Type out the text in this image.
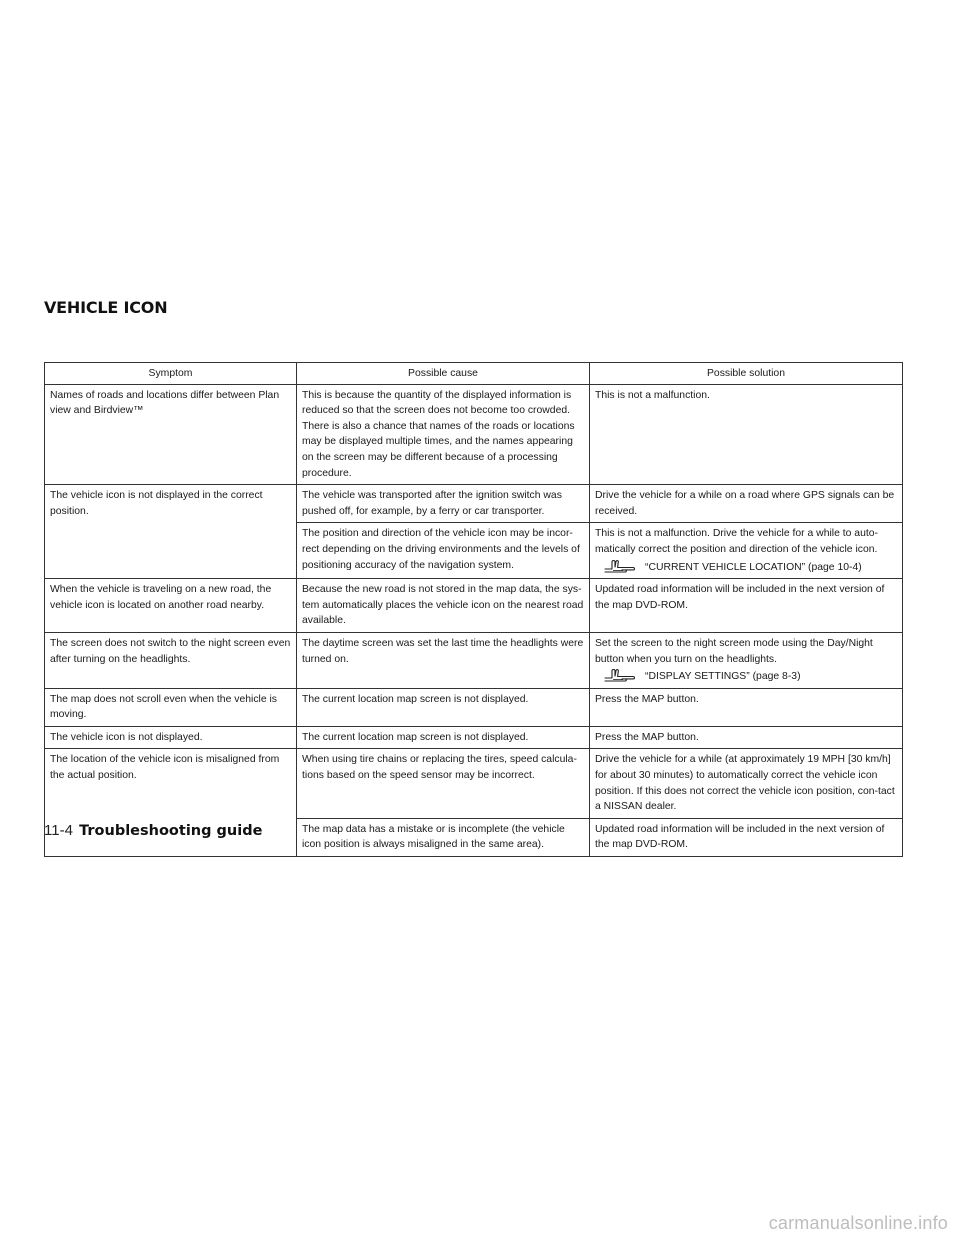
VEHICLE ICON
Symptom	Possible cause	Possible solution
Names of roads and locations differ between Plan view and Birdview™	This is because the quantity of the displayed information is reduced so that the screen does not become too crowded. There is also a chance that names of the roads or locations may be displayed multiple times, and the names appearing on the screen may be different because of a processing procedure.	This is not a malfunction.
The vehicle icon is not displayed in the correct position.	The vehicle was transported after the ignition switch was pushed off, for example, by a ferry or car transporter.	Drive the vehicle for a while on a road where GPS signals can be received.
	The position and direction of the vehicle icon may be incor-rect depending on the driving environments and the levels of positioning accuracy of the navigation system.	This is not a malfunction. Drive the vehicle for a while to auto-matically correct the position and direction of the vehicle icon.
“CURRENT VEHICLE LOCATION” (page 10-4)

When the vehicle is traveling on a new road, the vehicle icon is located on another road nearby.	Because the new road is not stored in the map data, the sys-tem automatically places the vehicle icon on the nearest road available.	Updated road information will be included in the next version of the map DVD-ROM.
The screen does not switch to the night screen even after turning on the headlights.	The daytime screen was set the last time the headlights were turned on.	Set the screen to the night screen mode using the Day/Night button when you turn on the headlights.
“DISPLAY SETTINGS” (page 8-3)

The map does not scroll even when the vehicle is moving.	The current location map screen is not displayed.	Press the MAP button.
The vehicle icon is not displayed.	The current location map screen is not displayed.	Press the MAP button.
The location of the vehicle icon is misaligned from the actual position.	When using tire chains or replacing the tires, speed calcula-tions based on the speed sensor may be incorrect.	Drive the vehicle for a while (at approximately 19 MPH [30 km/h] for about 30 minutes) to automatically correct the vehicle icon position. If this does not correct the vehicle icon position, con-tact a NISSAN dealer.
	The map data has a mistake or is incomplete (the vehicle icon position is always misaligned in the same area).	Updated road information will be included in the next version of the map DVD-ROM.
11-4 Troubleshooting guide
carmanualsonline.info
